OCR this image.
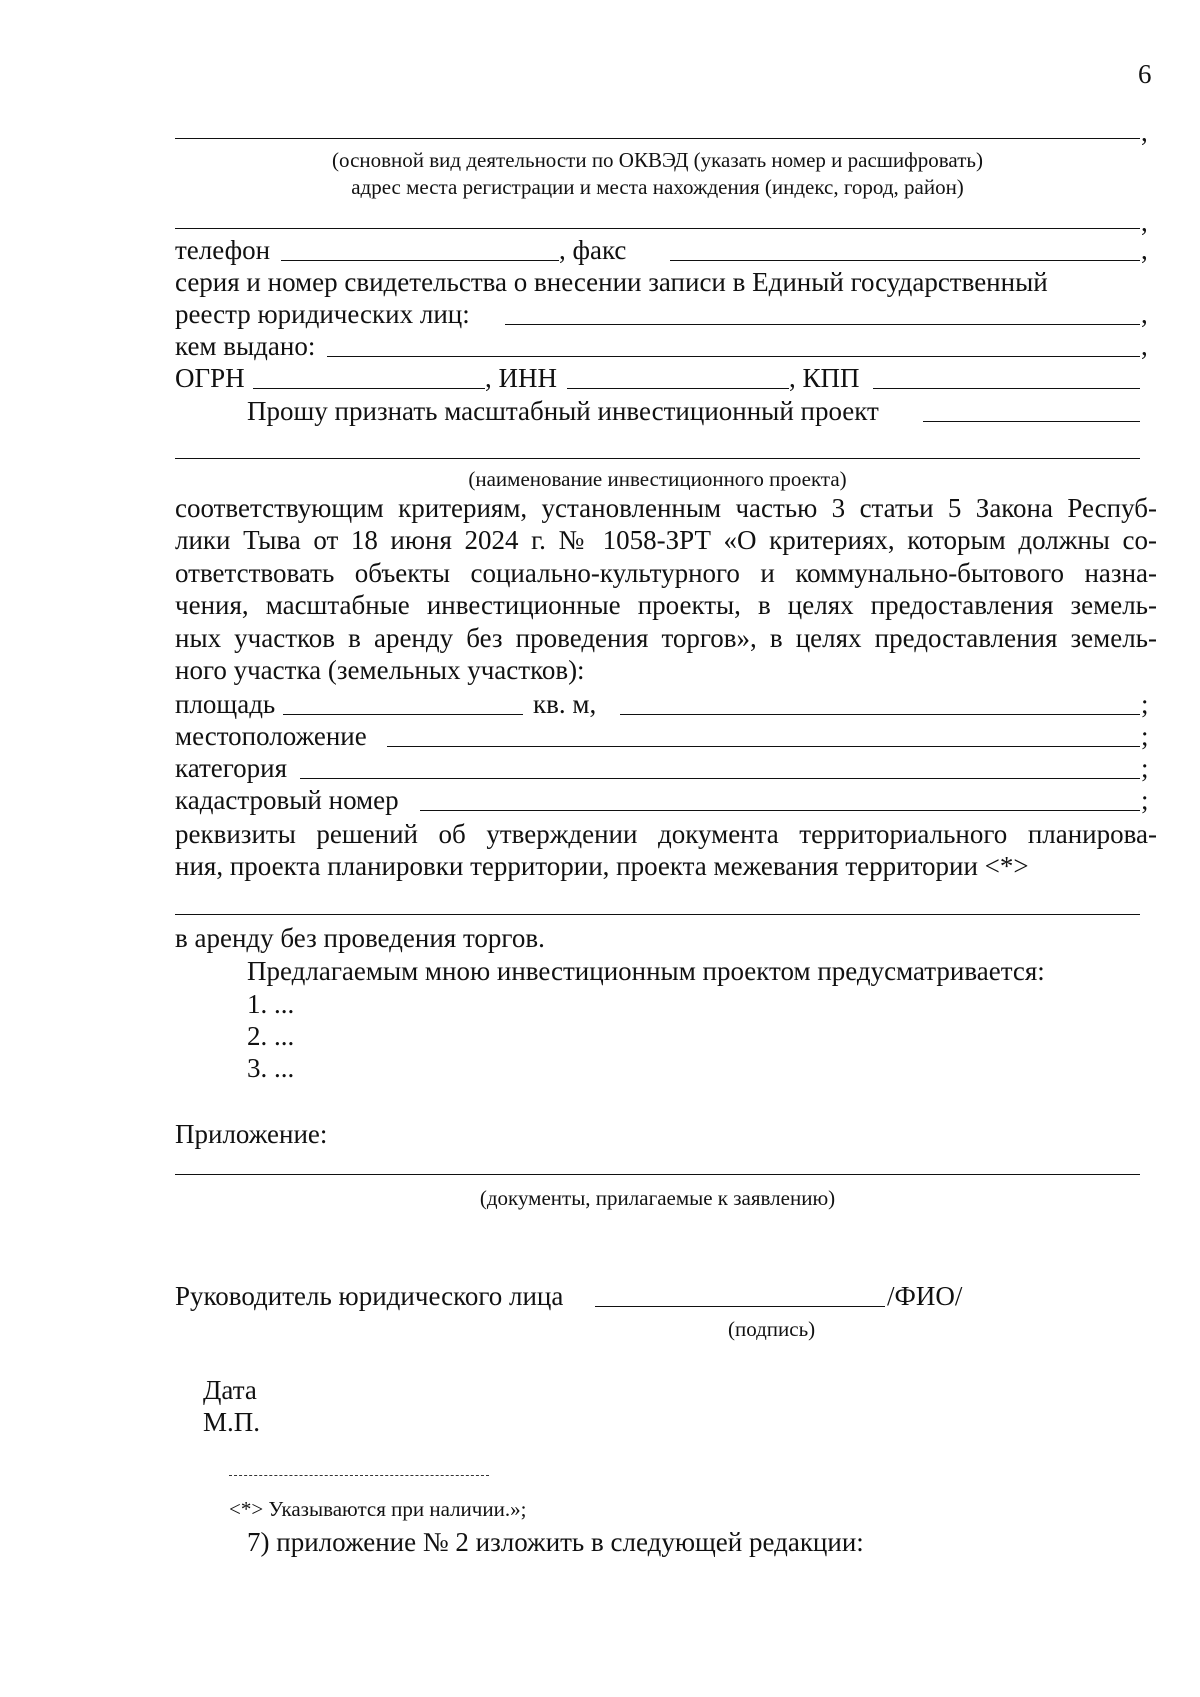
6
,
(основной вид деятельности по ОКВЭД (указать номер и расшифровать)
адрес места регистрации и места нахождения (индекс, город, район)
,
телефон	, факс	,
серия и номер свидетельства о внесении записи в Единый государственный
реестр юридических лиц:	,
кем выдано:	,
ОГРН	, ИНН	, КПП
Прошу признать масштабный инвестиционный проект
(наименование инвестиционного проекта)
соответствующим критериям, установленным частью 3 статьи 5 Закона Респуб-
лики Тыва от 18 июня 2024 г. № 1058-ЗРТ «О критериях, которым должны со-
ответствовать объекты социально-культурного и коммунально-бытового назна-
чения, масштабные инвестиционные проекты, в целях предоставления земель-
ных участков в аренду без проведения торгов», в целях предоставления земель-
ного участка (земельных участков):
площадь	кв. м,	;
местоположение	;
категория	;
кадастровый номер	;
реквизиты решений об утверждении документа территориального планирова-
ния, проекта планировки территории, проекта межевания территории <*>
в аренду без проведения торгов.
Предлагаемым мною инвестиционным проектом предусматривается:
1. ...
2. ...
3. ...
Приложение:
(документы, прилагаемые к заявлению)
Руководитель юридического лица	/ФИО/
(подпись)
Дата
М.П.
<*> Указываются при наличии.»;
7) приложение № 2 изложить в следующей редакции:
